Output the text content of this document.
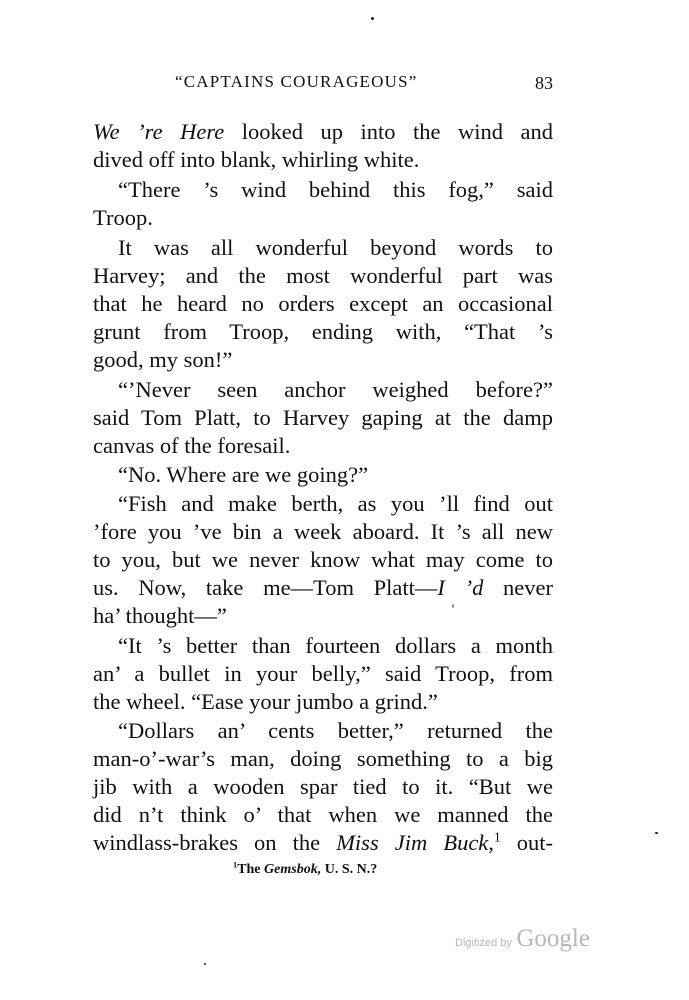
“CAPTAINS COURAGEOUS”	83
We ’re Here looked up into the wind and
dived off into blank, whirling white.
“There ’s wind behind this fog,” said
Troop.
It was all wonderful beyond words to
Harvey; and the most wonderful part was
that he heard no orders except an occasional
grunt from Troop, ending with, “That ’s
good, my son!”
“’Never seen anchor weighed before?”
said Tom Platt, to Harvey gaping at the damp
canvas of the foresail.
“No. Where are we going?”
“Fish and make berth, as you ’ll find out
’fore you ’ve bin a week aboard. It ’s all new
to you, but we never know what may come to
us. Now, take me—Tom Platt—I ’d never
ha’ thought—”
“It ’s better than fourteen dollars a month
an’ a bullet in your belly,” said Troop, from
the wheel. “Ease your jumbo a grind.”
“Dollars an’ cents better,” returned the
man-o’-war’s man, doing something to a big
jib with a wooden spar tied to it. “But we
did n’t think o’ that when we manned the
windlass-brakes on the Miss Jim Buck,$^1$ out-
$^1$The Gemsbok, U. S. N.?
Digitized by Google
